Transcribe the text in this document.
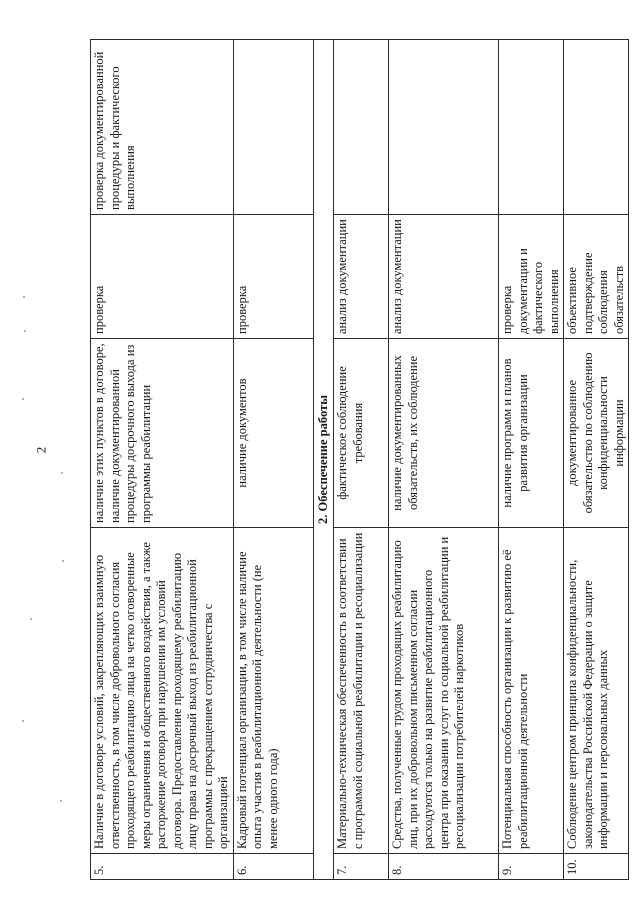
2
5.	Наличие в договоре условий, закрепляющих взаимную ответственность, в том числе добровольного согласия проходящего реабилитацию лица на четко оговоренные меры ограничения и общественного воздействия, а также расторжение договора при нарушении им условий договора. Предоставление проходящему реабилитацию лицу права на досрочный выход из реабилитационной программы с прекращением сотрудничества с организацией	наличие этих пунктов в договоре, наличие документированной процедуры досрочного выхода из программы реабилитации	проверка	проверка документированной процедуры и фактического выполнения
6.	Кадровый потенциал организации, в том числе наличие опыта участия в реабилитационной деятельности (не менее одного года)	наличие документов	проверка	
2. Обеспечение работы				
7.	Материально-техническая обеспеченность в соответствии с программой социальной реабилитации и ресоциализации	фактическое соблюдение требования	анализ документации	
8.	Средства, полученные трудом проходящих реабилитацию лиц, при их добровольном письменном согласии расходуются только на развитие реабилитационного центра при оказании услуг по социальной реабилитации и ресоциализации потребителей наркотиков	наличие документированных обязательств, их соблюдение	анализ документации	
9.	Потенциальная способность организации к развитию её реабилитационной деятельности	наличие программ и планов развития организации	проверка документации и фактического выполнения	
10.	Соблюдение центром принципа конфиденциальности, законодательства Российской Федерации о защите информации и персональных данных	документированное обязательство по соблюдению конфиденциальности информации	объективное подтверждение соблюдения обязательств	
